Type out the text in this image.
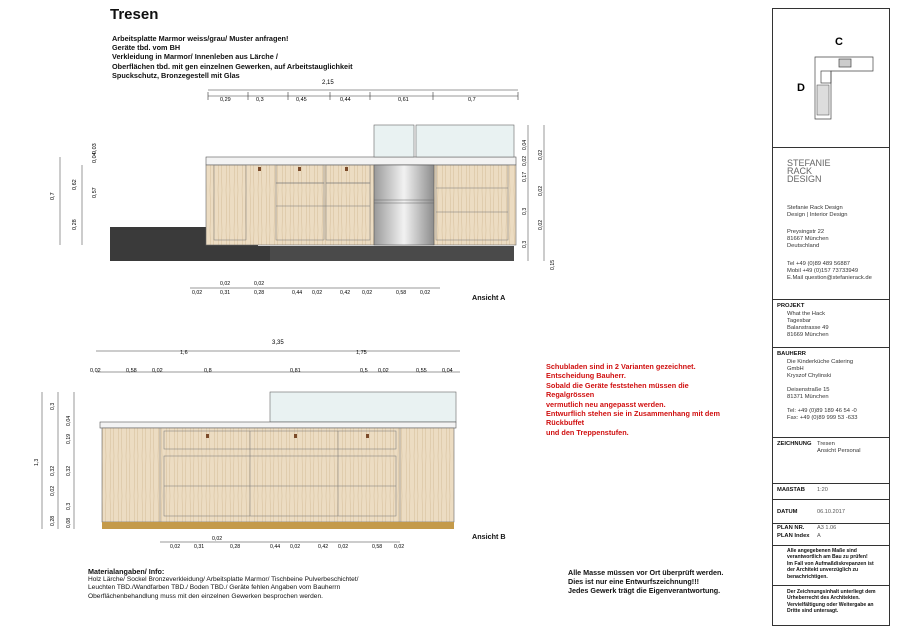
Tresen
Arbeitsplatte Marmor weiss/grau/ Muster anfragen!
Geräte tbd. vom BH
Verkleidung in Marmor/ Innenleben aus Lärche /
Oberflächen tbd. mit gen einzelnen Gewerken, auf Arbeitstauglichkeit
Spuckschutz, Bronzegestell mit Glas
2,15
0,29	0,3	0,45	0,44	0,61	0,7
0,7
0,62
0,57
0,04
0,28
0,03	0,04
0,02
0,17
0,3
0,3
0,02
0,02
0,02
0,15
0,02
0,02
0,31
0,02
0,28	0,44 0,02	0,42 0,02	0,58	0,02	Ansicht A
3,35
1,6	1,75
0,02	0,58	0,02	0,8	0,81	0,5 0,02	0,55	0,04
1,3
0,3
0,04
0,19
0,32 0,32
0,3
0,28 0,08
0,02
0,02	0,31
0,02
0,28	0,44 0,02	0,42 0,02	0,58 0,02
Ansicht B
Schubladen sind in 2 Varianten gezeichnet.
Entscheidung Bauherr.
Sobald die Geräte feststehen müssen die
Regalgrössen
vermutlich neu angepasst werden.
Entwurflich stehen sie in Zusammenhang mit dem
Rückbuffet
und den Treppenstufen.
Materialangaben/ Info:
Holz Lärche/ Sockel Bronzeverkleidung/ Arbeitsplatte Marmor/ Tischbeine Pulverbeschichtet/
Leuchten TBD./Wandfarben TBD./ Boden TBD./ Geräte fehlen Angaben vom Bauherrn
Oberflächenbehandlung muss mit den einzelnen Gewerken besprochen werden.
Alle Masse müssen vor Ort überprüft werden.
Dies ist nur eine Entwurfszeichnung!!!
Jedes Gewerk trägt die Eigenverantwortung.
C
D
STEFANIE
RACK
DESIGN
Stefanie Rack Design
Design | Interior Design
Preysingstr 22
81667 München
Deutschland
Tel +49 (0)89 489 56887
Mobil +49 (0)157 73733949
E.Mail question@stefanierack.de
PROJEKT
What the Hack
Tagesbar
Balanstrasse 49
81669 München
BAUHERR
Die Kinderküche Catering
GmbH
Kryszof Chylinski

Deisenstraße 15
81371 München

Tel: +49 (0)89 189 46 54 -0
Fax: +49 (0)89 999 53 -633
ZEICHNUNG Tresen
Ansicht Personal
MAßSTAB 1:20
DATUM	06.10.2017
PLAN NR. A3 1.06
PLAN Index A
Alle angegebenen Maße sind
verantwortlich am Bau zu prüfen!
Im Fall von Aufmaßdiskrepanzen ist
der Architekt unverzüglich zu
benachrichtigen.
Der Zeichnungsinhalt unterliegt dem
Urheberrecht des Architekten.
Vervielfältigung oder Weitergabe an
Dritte sind untersagt.
